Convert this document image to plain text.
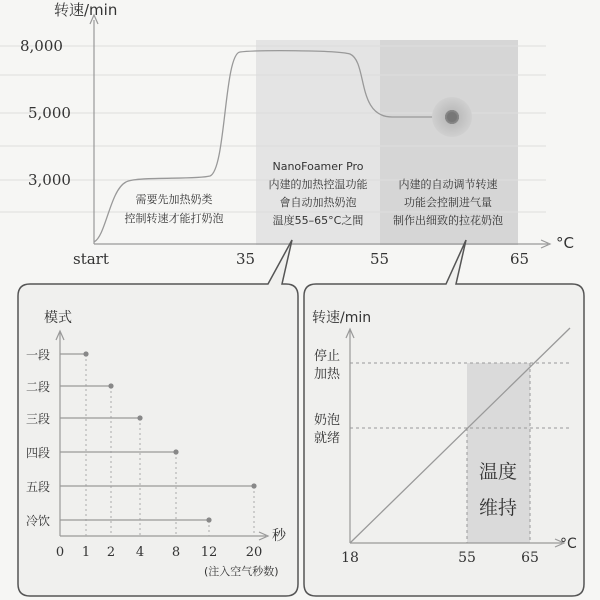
转速/min
8,000
5,000
3,000
start	35	55	65
°C
需要先加热奶类
控制转速才能打奶泡
NanoFoamer Pro
内建的加热控温功能
會自动加热奶泡
温度55–65°C之間
内建的自动调节转速
功能会控制进气量
制作出细致的拉花奶泡
模式
秒
(注入空气秒数)
0 1 2 4 8 12 20
一段
二段
三段
四段
五段
冷饮
转速/min
停止
加热
奶泡
就绪
温度
维持
18	55	65
°C
